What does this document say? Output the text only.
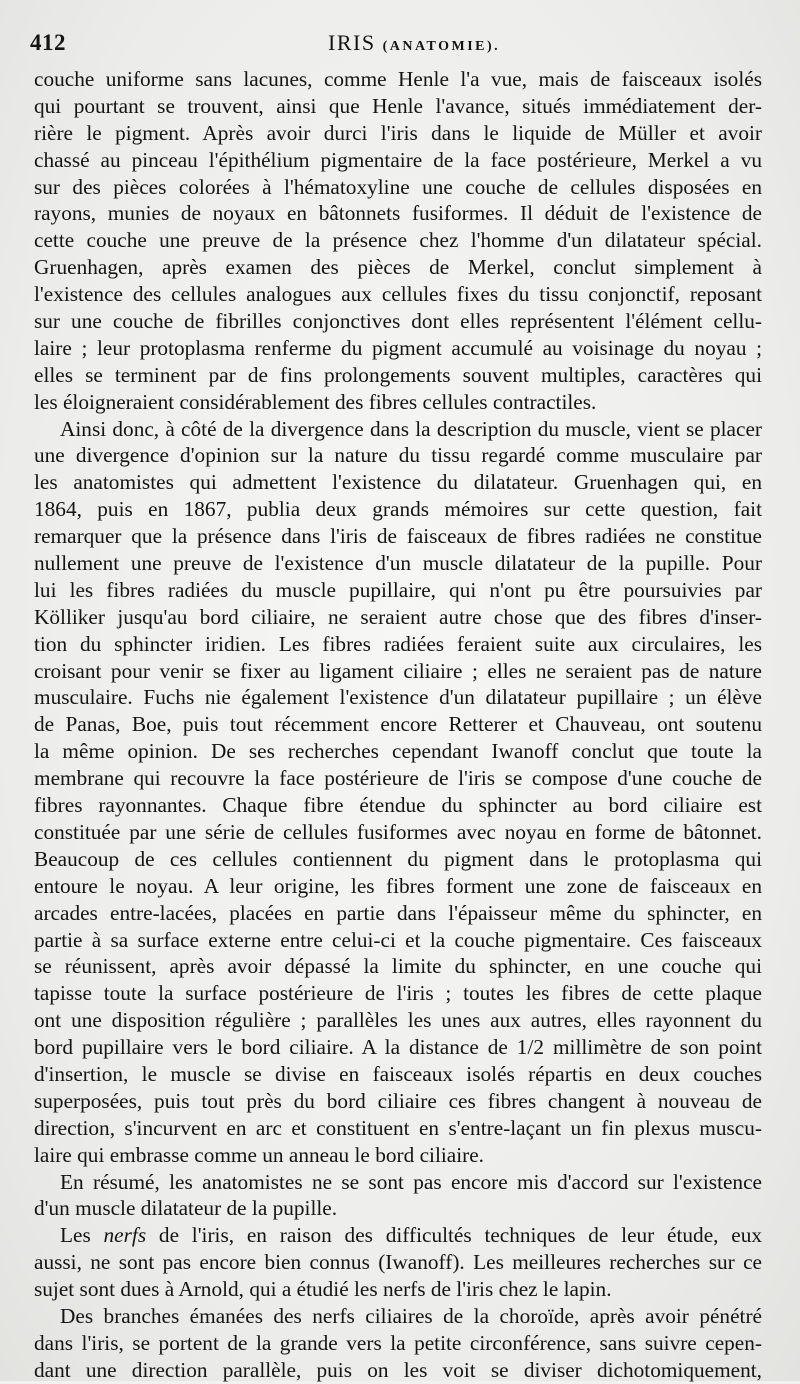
412	IRIS (ANATOMIE).
couche uniforme sans lacunes, comme Henle l'a vue, mais de faisceaux isolés
qui pourtant se trouvent, ainsi que Henle l'avance, situés immédiatement der-
rière le pigment. Après avoir durci l'iris dans le liquide de Müller et avoir
chassé au pinceau l'épithélium pigmentaire de la face postérieure, Merkel a vu
sur des pièces colorées à l'hématoxyline une couche de cellules disposées en
rayons, munies de noyaux en bâtonnets fusiformes. Il déduit de l'existence de
cette couche une preuve de la présence chez l'homme d'un dilatateur spécial.
Gruenhagen, après examen des pièces de Merkel, conclut simplement à
l'existence des cellules analogues aux cellules fixes du tissu conjonctif, reposant
sur une couche de fibrilles conjonctives dont elles représentent l'élément cellu-
laire ; leur protoplasma renferme du pigment accumulé au voisinage du noyau ;
elles se terminent par de fins prolongements souvent multiples, caractères qui
les éloigneraient considérablement des fibres cellules contractiles.
Ainsi donc, à côté de la divergence dans la description du muscle, vient se placer
une divergence d'opinion sur la nature du tissu regardé comme musculaire par
les anatomistes qui admettent l'existence du dilatateur. Gruenhagen qui, en
1864, puis en 1867, publia deux grands mémoires sur cette question, fait
remarquer que la présence dans l'iris de faisceaux de fibres radiées ne constitue
nullement une preuve de l'existence d'un muscle dilatateur de la pupille. Pour
lui les fibres radiées du muscle pupillaire, qui n'ont pu être poursuivies par
Kölliker jusqu'au bord ciliaire, ne seraient autre chose que des fibres d'inser-
tion du sphincter iridien. Les fibres radiées feraient suite aux circulaires, les
croisant pour venir se fixer au ligament ciliaire ; elles ne seraient pas de nature
musculaire. Fuchs nie également l'existence d'un dilatateur pupillaire ; un élève
de Panas, Boe, puis tout récemment encore Retterer et Chauveau, ont soutenu
la même opinion. De ses recherches cependant Iwanoff conclut que toute la
membrane qui recouvre la face postérieure de l'iris se compose d'une couche de
fibres rayonnantes. Chaque fibre étendue du sphincter au bord ciliaire est
constituée par une série de cellules fusiformes avec noyau en forme de bâtonnet.
Beaucoup de ces cellules contiennent du pigment dans le protoplasma qui
entoure le noyau. A leur origine, les fibres forment une zone de faisceaux en
arcades entre-lacées, placées en partie dans l'épaisseur même du sphincter, en
partie à sa surface externe entre celui-ci et la couche pigmentaire. Ces faisceaux
se réunissent, après avoir dépassé la limite du sphincter, en une couche qui
tapisse toute la surface postérieure de l'iris ; toutes les fibres de cette plaque
ont une disposition régulière ; parallèles les unes aux autres, elles rayonnent du
bord pupillaire vers le bord ciliaire. A la distance de 1/2 millimètre de son point
d'insertion, le muscle se divise en faisceaux isolés répartis en deux couches
superposées, puis tout près du bord ciliaire ces fibres changent à nouveau de
direction, s'incurvent en arc et constituent en s'entre-laçant un fin plexus muscu-
laire qui embrasse comme un anneau le bord ciliaire.
En résumé, les anatomistes ne se sont pas encore mis d'accord sur l'existence
d'un muscle dilatateur de la pupille.
Les nerfs de l'iris, en raison des difficultés techniques de leur étude, eux
aussi, ne sont pas encore bien connus (Iwanoff). Les meilleures recherches sur ce
sujet sont dues à Arnold, qui a étudié les nerfs de l'iris chez le lapin.
Des branches émanées des nerfs ciliaires de la choroïde, après avoir pénétré
dans l'iris, se portent de la grande vers la petite circonférence, sans suivre cepen-
dant une direction parallèle, puis on les voit se diviser dichotomiquement,
